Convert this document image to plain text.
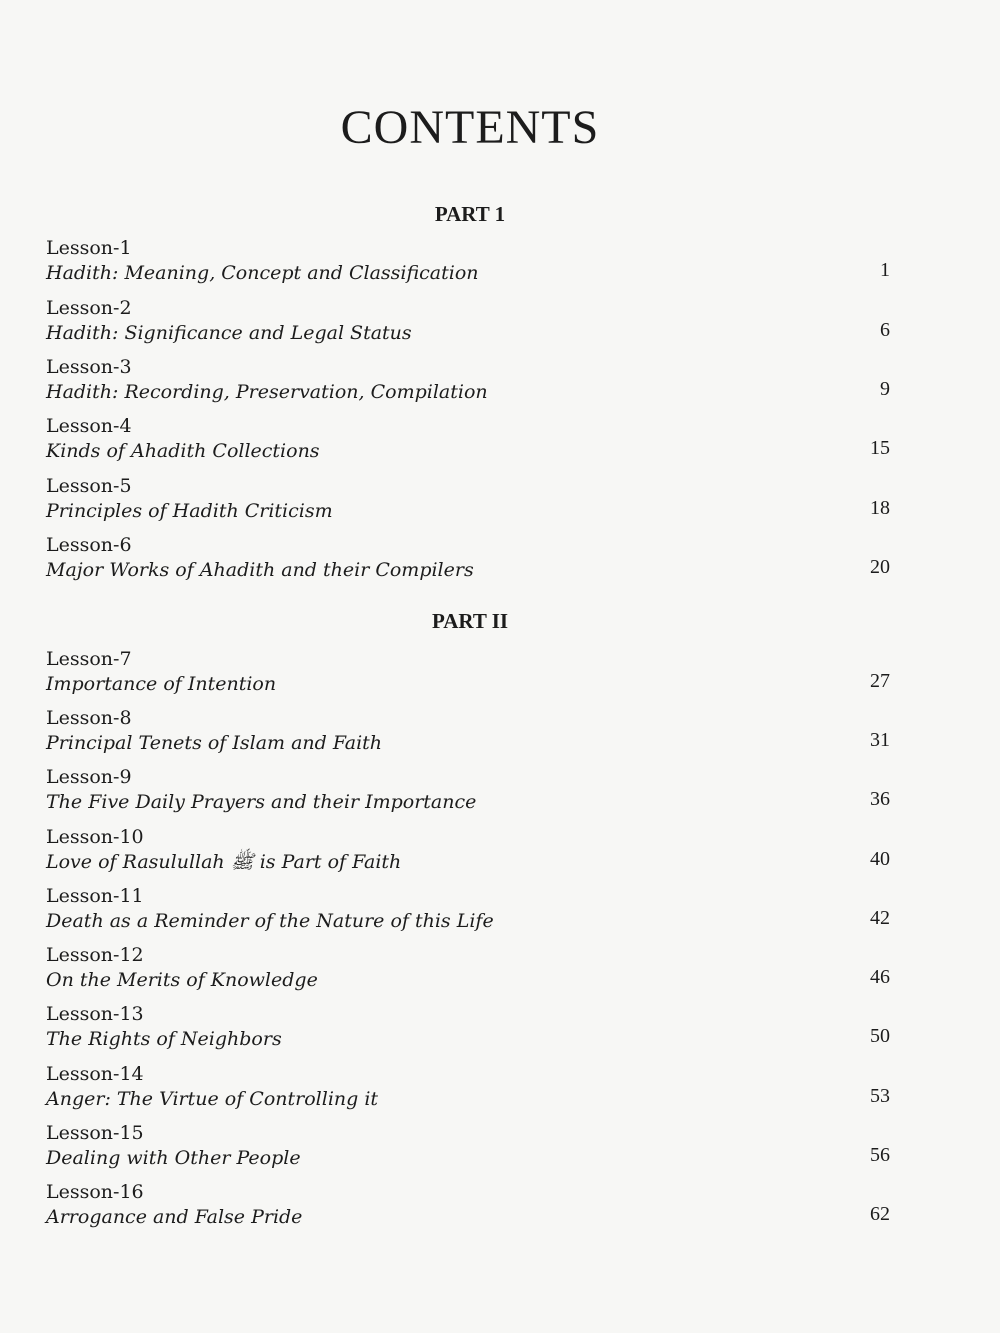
CONTENTS
PART 1
Lesson-1
Hadith: Meaning, Concept and Classification	1
Lesson-2
Hadith: Significance and Legal Status	6
Lesson-3
Hadith: Recording, Preservation, Compilation	9
Lesson-4
Kinds of Ahadith Collections	15
Lesson-5
Principles of Hadith Criticism	18
Lesson-6
Major Works of Ahadith and their Compilers	20
PART II
Lesson-7
Importance of Intention	27
Lesson-8
Principal Tenets of Islam and Faith	31
Lesson-9
The Five Daily Prayers and their Importance	36
Lesson-10
Love of Rasulullah ﷺ is Part of Faith	40
Lesson-11
Death as a Reminder of the Nature of this Life	42
Lesson-12
On the Merits of Knowledge	46
Lesson-13
The Rights of Neighbors	50
Lesson-14
Anger: The Virtue of Controlling it	53
Lesson-15
Dealing with Other People	56
Lesson-16
Arrogance and False Pride	62
